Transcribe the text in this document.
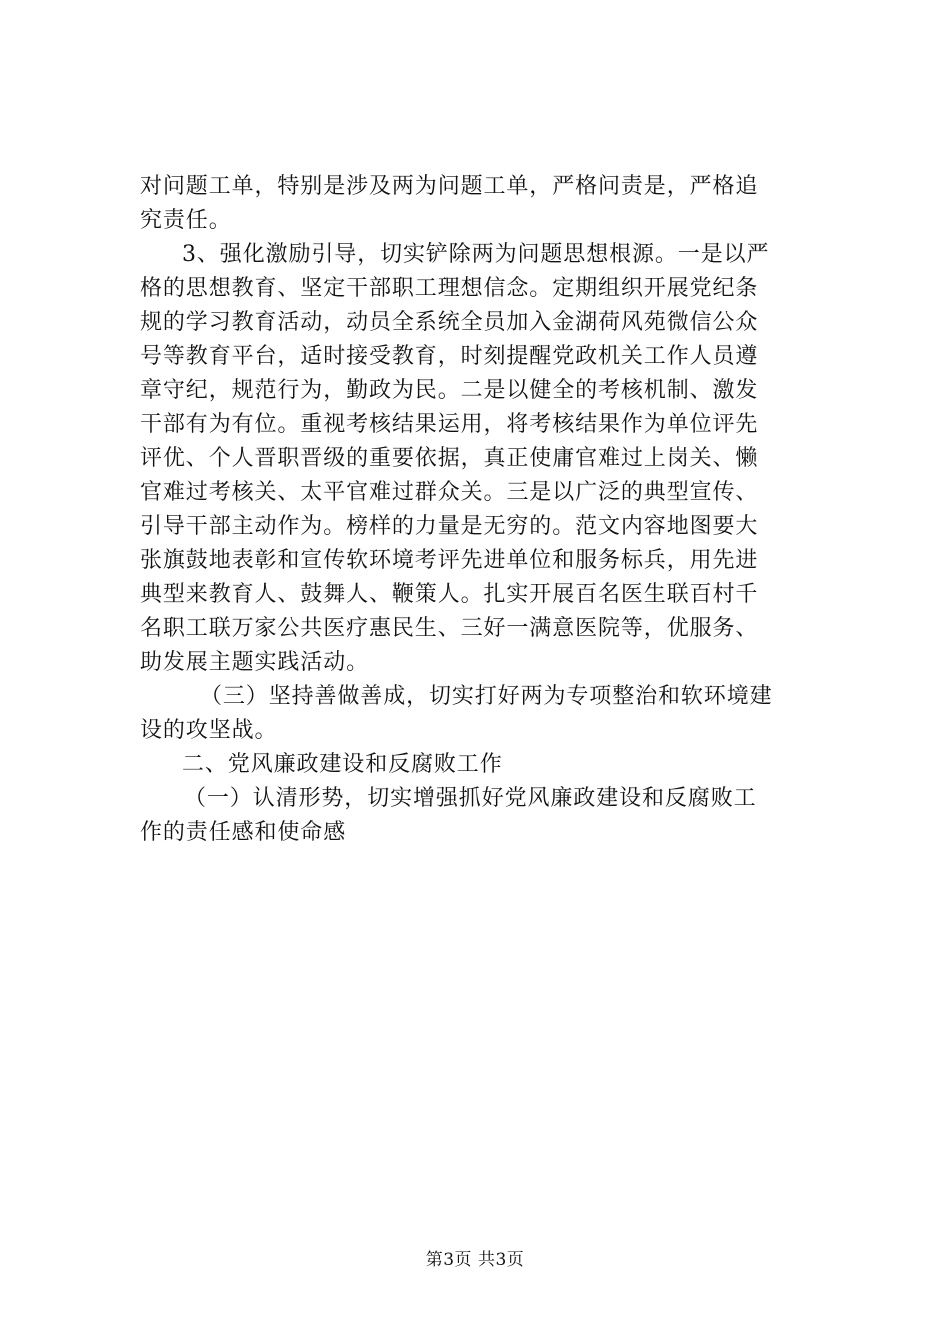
对问题工单，特别是涉及两为问题工单，严格问责是，严格追
究责任。
3、强化激励引导，切实铲除两为问题思想根源。一是以严
格的思想教育、坚定干部职工理想信念。定期组织开展党纪条
规的学习教育活动，动员全系统全员加入金湖荷风苑微信公众
号等教育平台，适时接受教育，时刻提醒党政机关工作人员遵
章守纪，规范行为，勤政为民。二是以健全的考核机制、激发
干部有为有位。重视考核结果运用，将考核结果作为单位评先
评优、个人晋职晋级的重要依据，真正使庸官难过上岗关、懒
官难过考核关、太平官难过群众关。三是以广泛的典型宣传、
引导干部主动作为。榜样的力量是无穷的。范文内容地图要大
张旗鼓地表彰和宣传软环境考评先进单位和服务标兵，用先进
典型来教育人、鼓舞人、鞭策人。扎实开展百名医生联百村千
名职工联万家公共医疗惠民生、三好一满意医院等，优服务、
助发展主题实践活动。
（三）坚持善做善成，切实打好两为专项整治和软环境建
设的攻坚战。
二、党风廉政建设和反腐败工作
（一）认清形势，切实增强抓好党风廉政建设和反腐败工
作的责任感和使命感
第3页 共3页
